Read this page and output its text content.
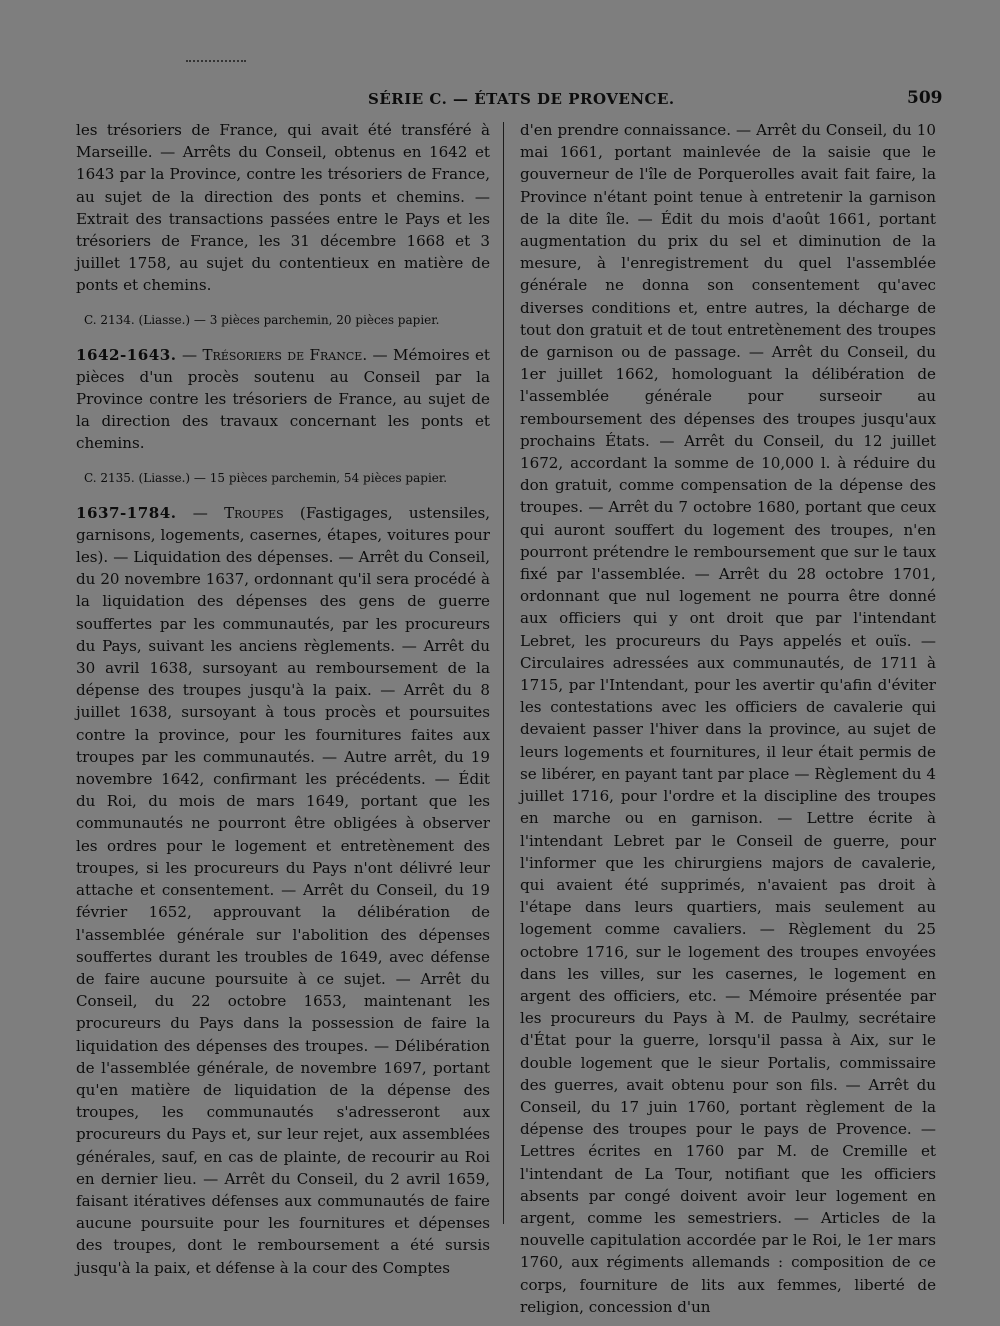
SÉRIE C. — ÉTATS DE PROVENCE.	509

les trésoriers de France, qui avait été transféré à Marseille. — Arrêts du Conseil, obtenus en 1642 et 1643 par la Province, contre les trésoriers de France, au sujet de la direction des ponts et chemins. — Extrait des transactions passées entre le Pays et les trésoriers de France, les 31 décembre 1668 et 3 juillet 1758, au sujet du contentieux en matière de ponts et chemins.

C. 2134. (Liasse.) — 3 pièces parchemin, 20 pièces papier.

1642-1643. — Trésoriers de France. — Mémoires et pièces d'un procès soutenu au Conseil par la Province contre les trésoriers de France, au sujet de la direction des travaux concernant les ponts et chemins.

C. 2135. (Liasse.) — 15 pièces parchemin, 54 pièces papier.

1637-1784. — Troupes (Fastigages, ustensiles, garnisons, logements, casernes, étapes, voitures pour les). — Liquidation des dépenses. — Arrêt du Conseil, du 20 novembre 1637, ordonnant qu'il sera procédé à la liquidation des dépenses des gens de guerre souffertes par les communautés, par les procureurs du Pays, suivant les anciens règlements. — Arrêt du 30 avril 1638, sursoyant au remboursement de la dépense des troupes jusqu'à la paix. — Arrêt du 8 juillet 1638, sursoyant à tous procès et poursuites contre la province, pour les fournitures faites aux troupes par les communautés. — Autre arrêt, du 19 novembre 1642, confirmant les précédents. — Édit du Roi, du mois de mars 1649, portant que les communautés ne pourront être obligées à observer les ordres pour le logement et entretènement des troupes, si les procureurs du Pays n'ont délivré leur attache et consentement. — Arrêt du Conseil, du 19 février 1652, approuvant la délibération de l'assemblée générale sur l'abolition des dépenses souffertes durant les troubles de 1649, avec défense de faire aucune poursuite à ce sujet. — Arrêt du Conseil, du 22 octobre 1653, maintenant les procureurs du Pays dans la possession de faire la liquidation des dépenses des troupes. — Délibération de l'assemblée générale, de novembre 1697, portant qu'en matière de liquidation de la dépense des troupes, les communautés s'adresseront aux procureurs du Pays et, sur leur rejet, aux assemblées générales, sauf, en cas de plainte, de recourir au Roi en dernier lieu. — Arrêt du Conseil, du 2 avril 1659, faisant itératives défenses aux communautés de faire aucune poursuite pour les fournitures et dépenses des troupes, dont le remboursement a été sursis jusqu'à la paix, et défense à la cour des Comptes

d'en prendre connaissance. — Arrêt du Conseil, du 10 mai 1661, portant mainlevée de la saisie que le gouverneur de l'île de Porquerolles avait fait faire, la Province n'étant point tenue à entretenir la garnison de la dite île. — Édit du mois d'août 1661, portant augmentation du prix du sel et diminution de la mesure, à l'enregistrement du quel l'assemblée générale ne donna son consentement qu'avec diverses conditions et, entre autres, la décharge de tout don gratuit et de tout entretènement des troupes de garnison ou de passage. — Arrêt du Conseil, du 1er juillet 1662, homologuant la délibération de l'assemblée générale pour surseoir au remboursement des dépenses des troupes jusqu'aux prochains États. — Arrêt du Conseil, du 12 juillet 1672, accordant la somme de 10,000 l. à réduire du don gratuit, comme compensation de la dépense des troupes. — Arrêt du 7 octobre 1680, portant que ceux qui auront souffert du logement des troupes, n'en pourront prétendre le remboursement que sur le taux fixé par l'assemblée. — Arrêt du 28 octobre 1701, ordonnant que nul logement ne pourra être donné aux officiers qui y ont droit que par l'intendant Lebret, les procureurs du Pays appelés et ouïs. — Circulaires adressées aux communautés, de 1711 à 1715, par l'Intendant, pour les avertir qu'afin d'éviter les contestations avec les officiers de cavalerie qui devaient passer l'hiver dans la province, au sujet de leurs logements et fournitures, il leur était permis de se libérer, en payant tant par place — Règlement du 4 juillet 1716, pour l'ordre et la discipline des troupes en marche ou en garnison. — Lettre écrite à l'intendant Lebret par le Conseil de guerre, pour l'informer que les chirurgiens majors de cavalerie, qui avaient été supprimés, n'avaient pas droit à l'étape dans leurs quartiers, mais seulement au logement comme cavaliers. — Règlement du 25 octobre 1716, sur le logement des troupes envoyées dans les villes, sur les casernes, le logement en argent des officiers, etc. — Mémoire présentée par les procureurs du Pays à M. de Paulmy, secrétaire d'État pour la guerre, lorsqu'il passa à Aix, sur le double logement que le sieur Portalis, commissaire des guerres, avait obtenu pour son fils. — Arrêt du Conseil, du 17 juin 1760, portant règlement de la dépense des troupes pour le pays de Provence. — Lettres écrites en 1760 par M. de Cremille et l'intendant de La Tour, notifiant que les officiers absents par congé doivent avoir leur logement en argent, comme les semestriers. — Articles de la nouvelle capitulation accordée par le Roi, le 1er mars 1760, aux régiments allemands : composition de ce corps, fourniture de lits aux femmes, liberté de religion, concession d'un
